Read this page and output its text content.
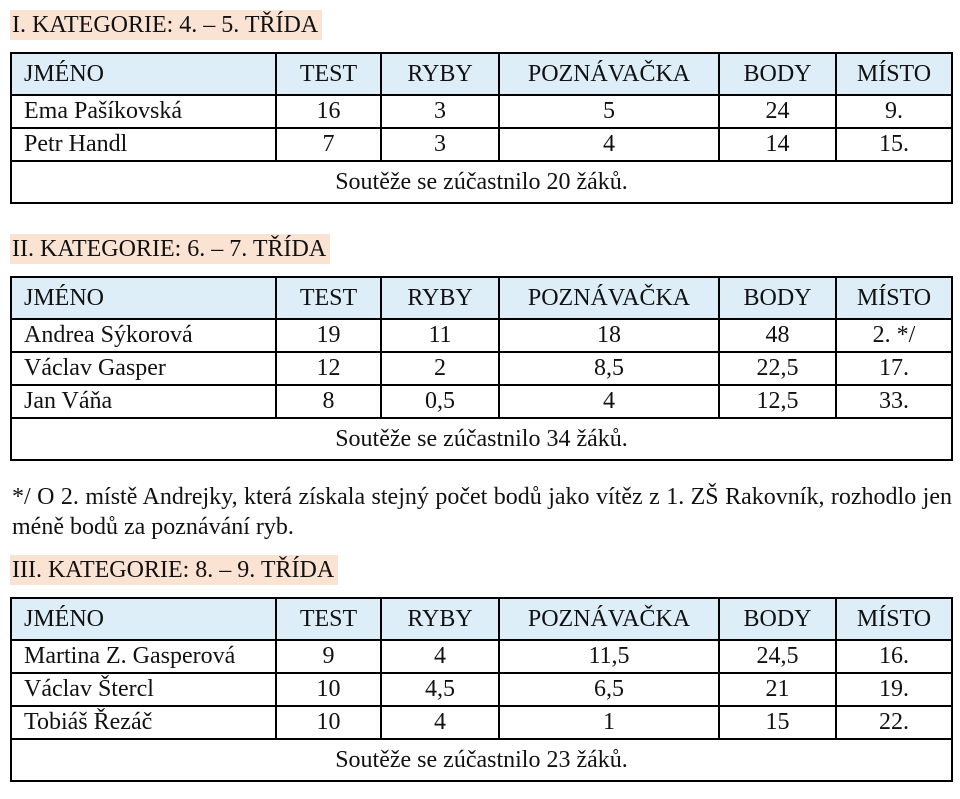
I. KATEGORIE: 4. – 5. TŘÍDA
JMÉNO	TEST	RYBY	POZNÁVAČKA	BODY	MÍSTO
Ema Pašíkovská	16	3	5	24	9.
Petr Handl	7	3	4	14	15.
Soutěže se zúčastnilo 20 žáků.					
II. KATEGORIE: 6. – 7. TŘÍDA
JMÉNO	TEST	RYBY	POZNÁVAČKA	BODY	MÍSTO
Andrea Sýkorová	19	11	18	48	2. */
Václav Gasper	12	2	8,5	22,5	17.
Jan Váňa	8	0,5	4	12,5	33.
Soutěže se zúčastnilo 34 žáků.					
*/ O 2. místě Andrejky, která získala stejný počet bodů jako vítěz z 1. ZŠ Rakovník, rozhodlo jen méně bodů za poznávání ryb.
III. KATEGORIE: 8. – 9. TŘÍDA
JMÉNO	TEST	RYBY	POZNÁVAČKA	BODY	MÍSTO
Martina Z. Gasperová	9	4	11,5	24,5	16.
Václav Štercl	10	4,5	6,5	21	19.
Tobiáš Řezáč	10	4	1	15	22.
Soutěže se zúčastnilo 23 žáků.					
